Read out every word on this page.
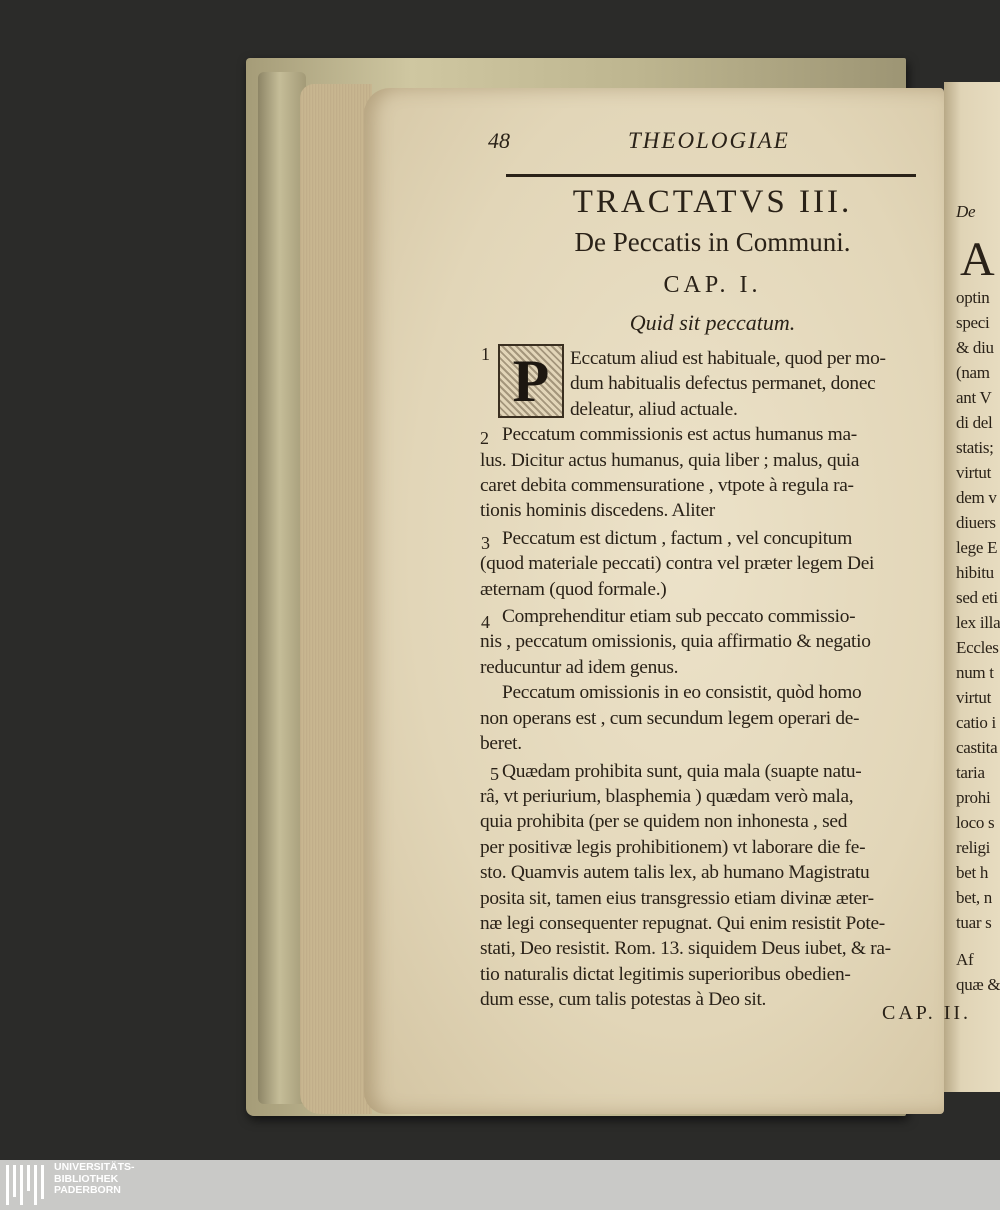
De
A
optin
speci
& diu
(nam
ant V
di del
statis;
virtut
dem v
diuers
lege E
hibitu
sed eti
lex illa
Eccles
num t
virtut
catio i
castita
taria
prohi
loco s
religi
bet h
bet, n
tuar s
Af
quæ &
48	THEOLOGIAE

TRACTATVS III.

De Peccatis in Communi.

CAP. I.

Quid sit peccatum.

Eccatum aliud est habituale, quod per mo-
dum habitualis defectus permanet, donec
deleatur, aliud actuale.
Peccatum commissionis est actus humanus ma-
lus. Dicitur actus humanus, quia liber ; malus, quia
caret debita commensuratione , vtpote à regula ra-
tionis hominis discedens. Aliter
Peccatum est dictum , factum , vel concupitum
(quod materiale peccati) contra vel præter legem Dei
æternam (quod formale.)
Comprehenditur etiam sub peccato commissio-
nis , peccatum omissionis, quia affirmatio & negatio
reducuntur ad idem genus.
Peccatum omissionis in eo consistit, quòd homo
non operans est , cum secundum legem operari de-
beret.
Quædam prohibita sunt, quia mala (suapte natu-
râ, vt periurium, blasphemia ) quædam verò mala,
quia prohibita (per se quidem non inhonesta , sed
per positivæ legis prohibitionem) vt laborare die fe-
sto. Quamvis autem talis lex, ab humano Magistratu
posita sit, tamen eius transgressio etiam divinæ æter-
næ legi consequenter repugnat. Qui enim resistit Pote-
stati, Deo resistit. Rom. 13. siquidem Deus iubet, & ra-
tio naturalis dictat legitimis superioribus obedien-
dum esse, cum talis potestas à Deo sit.
P
1
2
3
4
5
CAP. II.
UNIVERSITÄTS-
BIBLIOTHEK
PADERBORN
